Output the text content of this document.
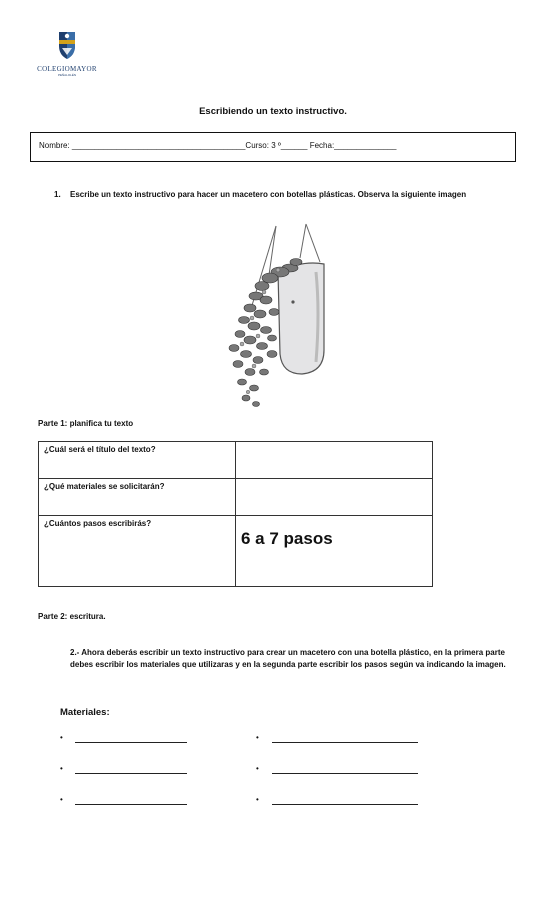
COLEGIOMAYOR
PEÑALOLÉN
Escribiendo un texto instructivo.
Nombre: _______________________________________Curso: 3 º______ Fecha:______________
1. Escribe un texto instructivo para hacer un macetero con botellas plásticas. Observa la siguiente imagen
Parte 1: planifica tu texto
¿Cuál será el título del texto?	
¿Qué materiales se solicitarán?	
¿Cuántos pasos escribirás?	6 a 7 pasos
Parte 2: escritura.
2.- Ahora deberás escribir un texto instructivo para crear un macetero con una botella plástico, en la primera parte debes escribir los materiales que utilizaras y en la segunda parte escribir los pasos según va indicando la imagen.
Materiales:
•
•
•
•
•
•
